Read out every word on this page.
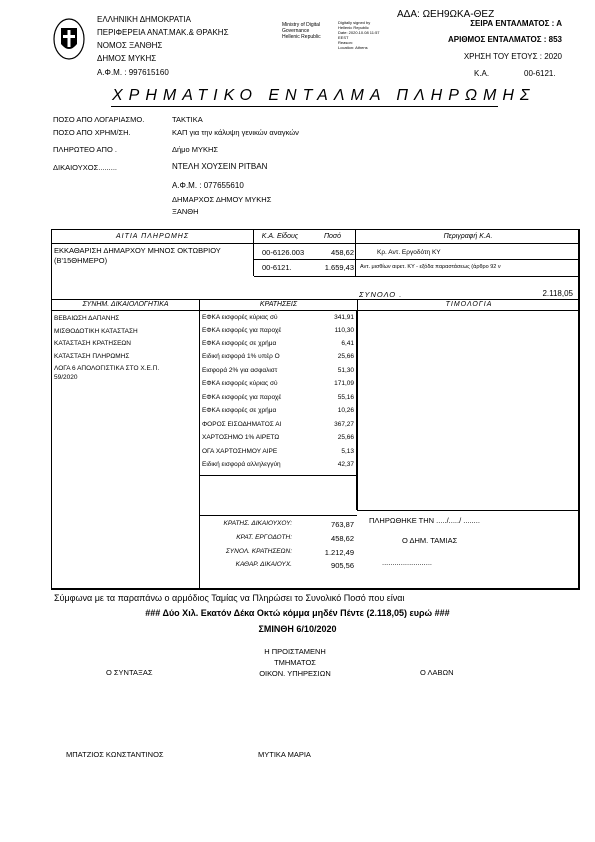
ΕΛΛΗΝΙΚΗ ΔΗΜΟΚΡΑΤΙΑ
ΠΕΡΙΦΕΡΕΙΑ ΑΝΑΤ.ΜΑΚ.& ΘΡΑΚΗΣ
ΝΟΜΟΣ ΞΑΝΘΗΣ
ΔΗΜΟΣ ΜΥΚΗΣ
Α.Φ.Μ. : 997615160
Ministry of Digital
Governance
Hellenic Republic
Digitally signed by
Hellenic Republic
Date: 2020.10.08 11:57
EEST
Reason:
Location: Athens
ΑΔΑ: ΩΕΗ9ΩΚΑ-ΘΕΖ
ΣΕΙΡΑ ΕΝΤΑΛΜΑΤΟΣ : Α
ΑΡΙΘΜΟΣ ΕΝΤΑΛΜΑΤΟΣ : 853
ΧΡΗΣΗ ΤΟΥ ΕΤΟΥΣ : 2020
Κ.Α.	00-6121.
ΧΡΗΜΑΤΙΚΟ ΕΝΤΑΛΜΑ ΠΛΗΡΩΜΗΣ
ΠΟΣΟ ΑΠΟ ΛΟΓΑΡΙΑΣΜΟ.	ΤΑΚΤΙΚΑ
ΠΟΣΟ ΑΠΟ ΧΡΗΜ/ΣΗ.	ΚΑΠ για την κάλυψη γενικών αναγκών
ΠΛΗΡΩΤΕΟ ΑΠΟ .	Δήμο ΜΥΚΗΣ
ΔΙΚΑΙΟΥΧΟΣ.........	ΝΤΕΛΗ ΧΟΥΣΕΙΝ ΡΙΤΒΑΝ
Α.Φ.Μ. : 077655610
ΔΗΜΑΡΧΟΣ ΔΗΜΟΥ ΜΥΚΗΣ
ΞΑΝΘΗ
ΑΙΤΙΑ ΠΛΗΡΩΜΗΣ	Κ.Α. Είδους	Ποσό	Περιγραφή Κ.Α.
ΕΚΚΑΘΑΡΙΣΗ ΔΗΜΑΡΧΟΥ ΜΗΝΟΣ ΟΚΤΩΒΡΙΟΥ
(Β'15ΘΗΜΕΡΟ)
00-6126.003	458,62	Κρ. Αντ. Εργοδότη ΚΥ
00-6121.	1.659,43 Αντ. μισθίων αιρετ. ΚΥ - εξόδα παραστάσεως (άρθρο 92 ν
ΣΥΝΟΛΟ .	2.118,05
ΣΥΝΗΜ. ΔΙΚΑΙΟΛΟΓΗΤΙΚΑ	ΚΡΑΤΗΣΕΙΣ	ΤΙΜΟΛΟΓΙΑ
ΒΕΒΑΙΩΣΗ ΔΑΠΑΝΗΣ
ΜΙΣΘΟΔΟΤΙΚΗ ΚΑΤΑΣΤΑΣΗ
ΚΑΤΑΣΤΑΣΗ ΚΡΑΤΗΣΕΩΝ
ΚΑΤΑΣΤΑΣΗ ΠΛΗΡΩΜΗΣ
ΛΟΓΑ 6 ΑΠΟΛΟΓΙΣΤΙΚΑ ΣΤΟ Χ.Ε.Π.
59/2020
ΕΦΚΑ εισφορές κύριας σύ	341,91
ΕΦΚΑ εισφορές για παροχέ	110,30
ΕΦΚΑ εισφορές σε χρήμα	6,41
Ειδική εισφορά 1% υπέρ Ο	25,66
Εισφορά 2% για ασφαλιστ	51,30
ΕΦΚΑ εισφορές κύριας σύ	171,09
ΕΦΚΑ εισφορές για παροχέ	55,16
ΕΦΚΑ εισφορές σε χρήμα	10,26
ΦΟΡΟΣ ΕΙΣΟΔΗΜΑΤΟΣ ΑΙ	367,27
ΧΑΡΤΟΣΗΜΟ 1% ΑΙΡΕΤΩ	25,66
ΟΓΑ ΧΑΡΤΟΣΗΜΟΥ ΑΙΡΕ	5,13
Ειδική εισφορά αλληλεγγύη	42,37
ΚΡΑΤΗΣ. ΔΙΚΑΙΟΥΧΟΥ:	763,87
ΚΡΑΤ. ΕΡΓΟΔΟΤΗ:	458,62
ΣΥΝΟΛ. ΚΡΑΤΗΣΕΩΝ:	1.212,49
ΚΑΘΑΡ. ΔΙΚΑΙΟΥΧ.	905,56
ΠΛΗΡΩΘΗΚΕ ΤΗΝ ...../...../ ........
Ο ΔΗΜ. ΤΑΜΙΑΣ
........................
Σύμφωνα με τα παραπάνω ο αρμόδιος Ταμίας να Πληρώσει το Συνολικό Ποσό που είναι
### Δύο Χιλ. Εκατόν Δέκα Οκτώ κόμμα μηδέν Πέντε (2.118,05) ευρώ ###
ΣΜΙΝΘΗ 6/10/2020
Η ΠΡΟΙΣΤΑΜΕΝΗ
ΤΜΗΜΑΤΟΣ
ΟΙΚΟΝ. ΥΠΗΡΕΣΙΩΝ
Ο ΣΥΝΤΑΞΑΣ	Ο ΛΑΒΩΝ
ΜΠΑΤΖΙΟΣ ΚΩΝΣΤΑΝΤΙΝΟΣ	ΜΥΤΙΚΑ ΜΑΡΙΑ
